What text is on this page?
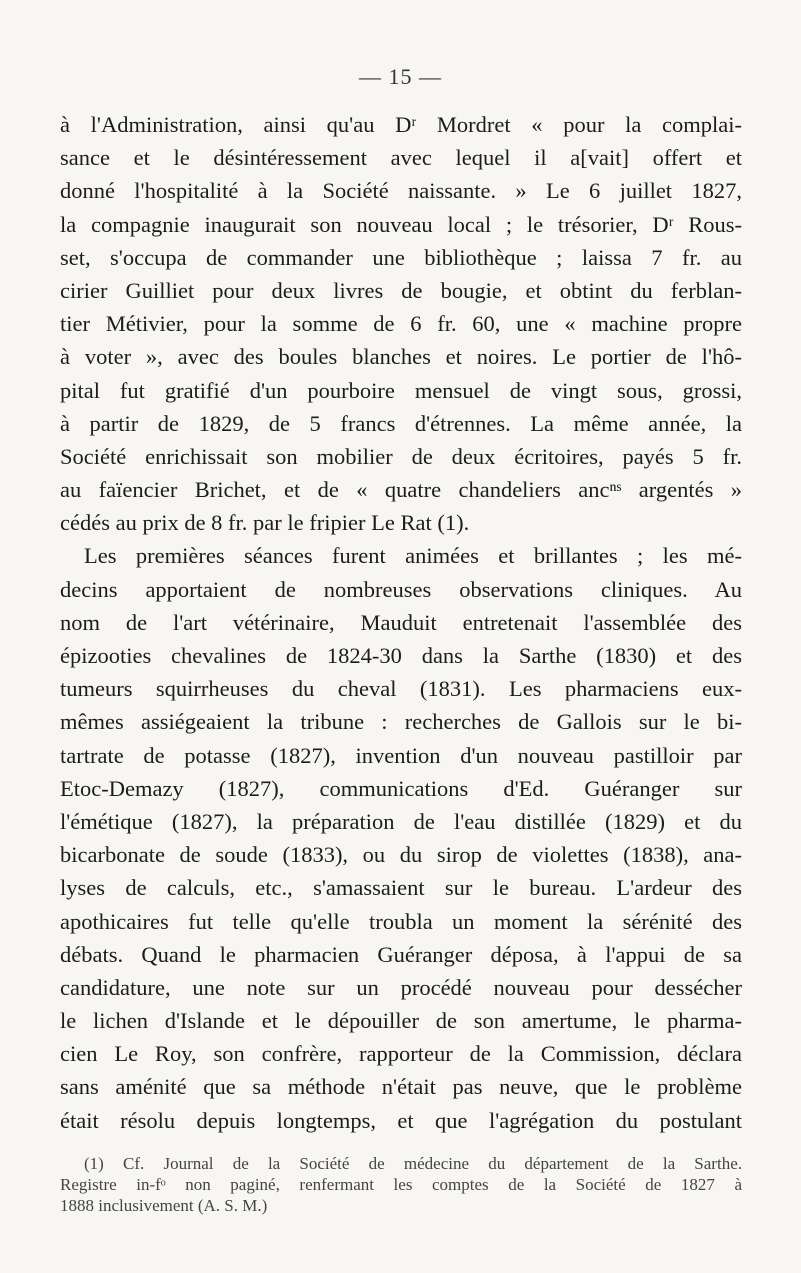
— 15 —
à l'Administration, ainsi qu'au Dʳ Mordret « pour la complai-
sance et le désintéressement avec lequel il a[vait] offert et
donné l'hospitalité à la Société naissante. » Le 6 juillet 1827,
la compagnie inaugurait son nouveau local ; le trésorier, Dʳ Rous-
set, s'occupa de commander une bibliothèque ; laissa 7 fr. au
cirier Guilliet pour deux livres de bougie, et obtint du ferblan-
tier Métivier, pour la somme de 6 fr. 60, une « machine propre
à voter », avec des boules blanches et noires. Le portier de l'hô-
pital fut gratifié d'un pourboire mensuel de vingt sous, grossi,
à partir de 1829, de 5 francs d'étrennes. La même année, la
Société enrichissait son mobilier de deux écritoires, payés 5 fr.
au faïencier Brichet, et de « quatre chandeliers ancⁿˢ argentés »
cédés au prix de 8 fr. par le fripier Le Rat (1).
Les premières séances furent animées et brillantes ; les mé-
decins apportaient de nombreuses observations cliniques. Au
nom de l'art vétérinaire, Mauduit entretenait l'assemblée des
épizooties chevalines de 1824-30 dans la Sarthe (1830) et des
tumeurs squirrheuses du cheval (1831). Les pharmaciens eux-
mêmes assiégeaient la tribune : recherches de Gallois sur le bi-
tartrate de potasse (1827), invention d'un nouveau pastilloir par
Etoc-Demazy (1827), communications d'Ed. Guéranger sur
l'émétique (1827), la préparation de l'eau distillée (1829) et du
bicarbonate de soude (1833), ou du sirop de violettes (1838), ana-
lyses de calculs, etc., s'amassaient sur le bureau. L'ardeur des
apothicaires fut telle qu'elle troubla un moment la sérénité des
débats. Quand le pharmacien Guéranger déposa, à l'appui de sa
candidature, une note sur un procédé nouveau pour dessécher
le lichen d'Islande et le dépouiller de son amertume, le pharma-
cien Le Roy, son confrère, rapporteur de la Commission, déclara
sans aménité que sa méthode n'était pas neuve, que le problème
était résolu depuis longtemps, et que l'agrégation du postulant
(1) Cf. Journal de la Société de médecine du département de la Sarthe.
Registre in-fᵒ non paginé, renfermant les comptes de la Société de 1827 à
1888 inclusivement (A. S. M.)
